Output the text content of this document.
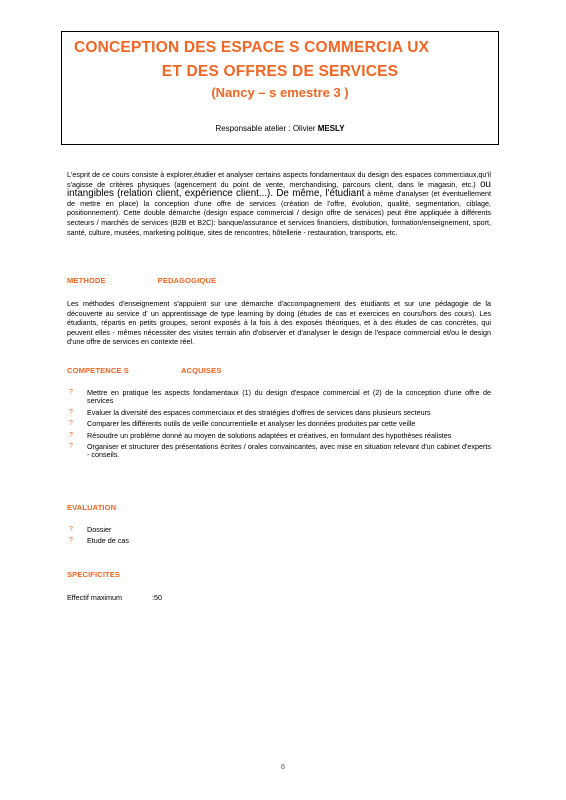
CONCEPTION DES ESPACE S COMMERCIA UX
ET DES OFFRES DE SERVICES
(Nancy – s emestre 3 )
Responsable atelier : Olivier MESLY
L'esprit de ce cours consiste à explorer,étudier et analyser certains aspects fondamentaux du design des espaces commerciaux,qu'il s'agisse de critères physiques (agencement du point de vente, merchandising, parcours client, dans le magasin, etc.) ou intangibles (relation client, expérience client...). De même, l'étudiant à même d'analyser (et éventuellement de mettre en place) la conception d'une offre de services (création de l'offre, évolution, qualité, segmentation, ciblage, positionnement). Cette double démarche (design espace commercial / design offre de services) peut être appliquée à différents secteurs / marchés de services (B2B et B2C): banque/assurance et services financiers, distribution, formation/enseignement, sport, santé, culture, musées, marketing politique, sites de rencontres, hôtellerie - restauration, transports, etc.
METHODE	PEDAGOGIQUE
Les méthodes d'enseignement s'appuient sur une démarche d'accompagnement des étudiants et sur une pédagogie de la découverte au service d' un apprentissage de type learning by doing (études de cas et exercices en cours/hors des cours). Les étudiants, répartis en petits groupes, seront exposés à la fois à des exposés théoriques, et à des études de cas concrètes, qui peuvent elles - mêmes nécessiter des visites terrain afin d'observer et d'analyser le design de l'espace commercial et/ou le design d'une offre de services en contexte réel.
COMPETENCE S	ACQUISES
? Mettre en pratique les aspects fondamentaux (1) du design d'espace commercial et (2) de la conception d'une offre de services
? Evaluer la diversité des espaces commerciaux et des stratégies d'offres de services dans plusieurs secteurs
? Comparer les différents outils de veille concurrentielle et analyser les données produites par cette veille
? Résoudre un problème donné au moyen de solutions adaptées et créatives, en formulant des hypothèses réalistes
? Organiser et structurer des présentations écrites / orales convaincantes, avec mise en situation relevant d'un cabinet d'experts - conseils.
EVALUATION
? Dossier
? Etude de cas
SPECIFICITES
Effectif maximum	:50
6
